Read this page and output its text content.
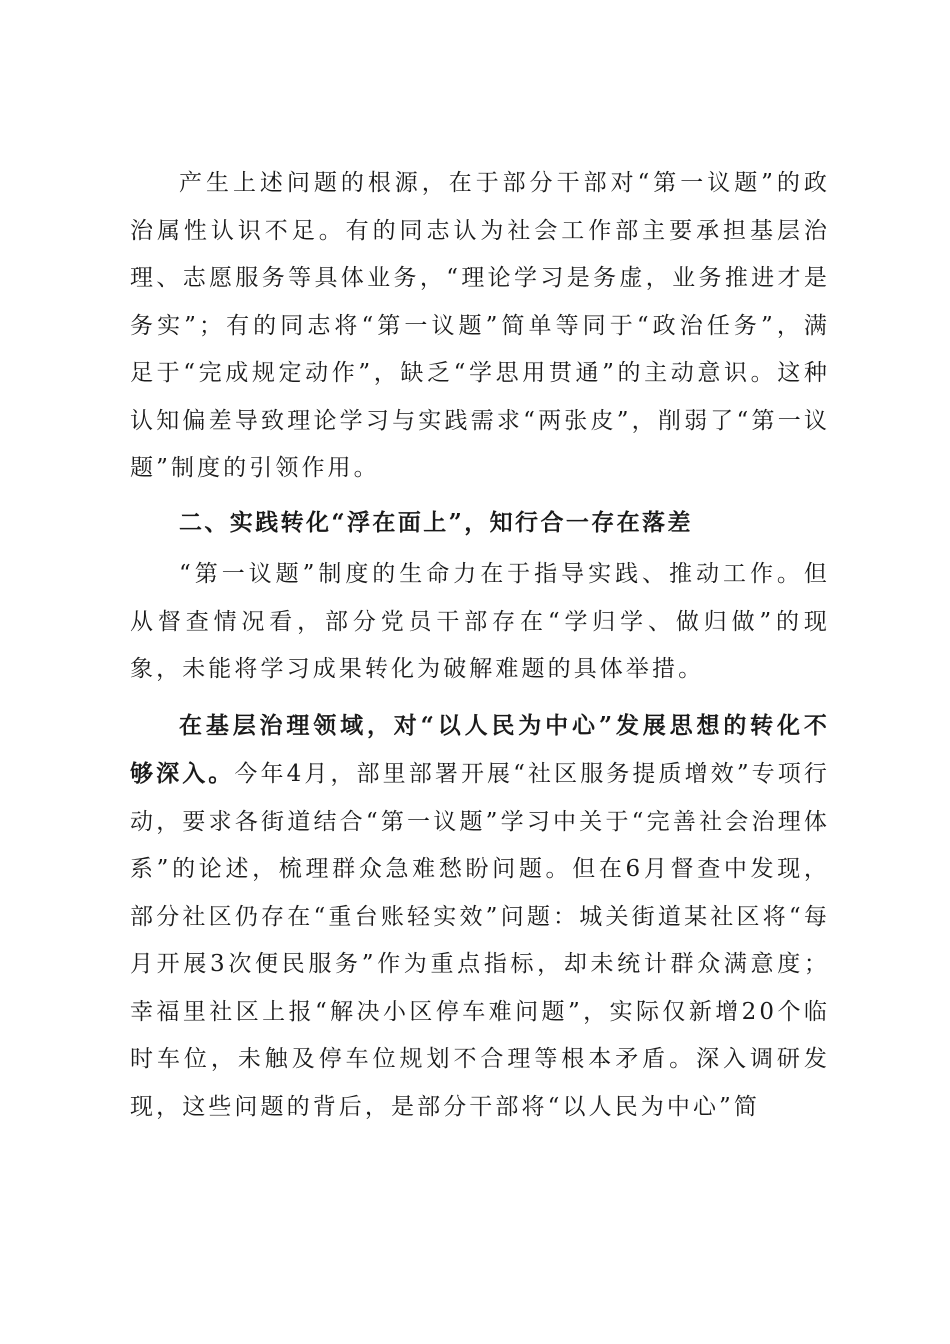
产生上述问题的根源，在于部分干部对“第一议题”的政治属性认识不足。有的同志认为社会工作部主要承担基层治理、志愿服务等具体业务，“理论学习是务虚，业务推进才是务实”；有的同志将“第一议题”简单等同于“政治任务”，满足于“完成规定动作”，缺乏“学思用贯通”的主动意识。这种认知偏差导致理论学习与实践需求“两张皮”，削弱了“第一议题”制度的引领作用。

二、实践转化“浮在面上”，知行合一存在落差

“第一议题”制度的生命力在于指导实践、推动工作。但从督查情况看，部分党员干部存在“学归学、做归做”的现象，未能将学习成果转化为破解难题的具体举措。

在基层治理领域，对“以人民为中心”发展思想的转化不够深入。今年4月，部里部署开展“社区服务提质增效”专项行动，要求各街道结合“第一议题”学习中关于“完善社会治理体系”的论述，梳理群众急难愁盼问题。但在6月督查中发现，部分社区仍存在“重台账轻实效”问题：城关街道某社区将“每月开展3次便民服务”作为重点指标，却未统计群众满意度；幸福里社区上报“解决小区停车难问题”，实际仅新增20个临时车位，未触及停车位规划不合理等根本矛盾。深入调研发现，这些问题的背后，是部分干部将“以人民为中心”简
